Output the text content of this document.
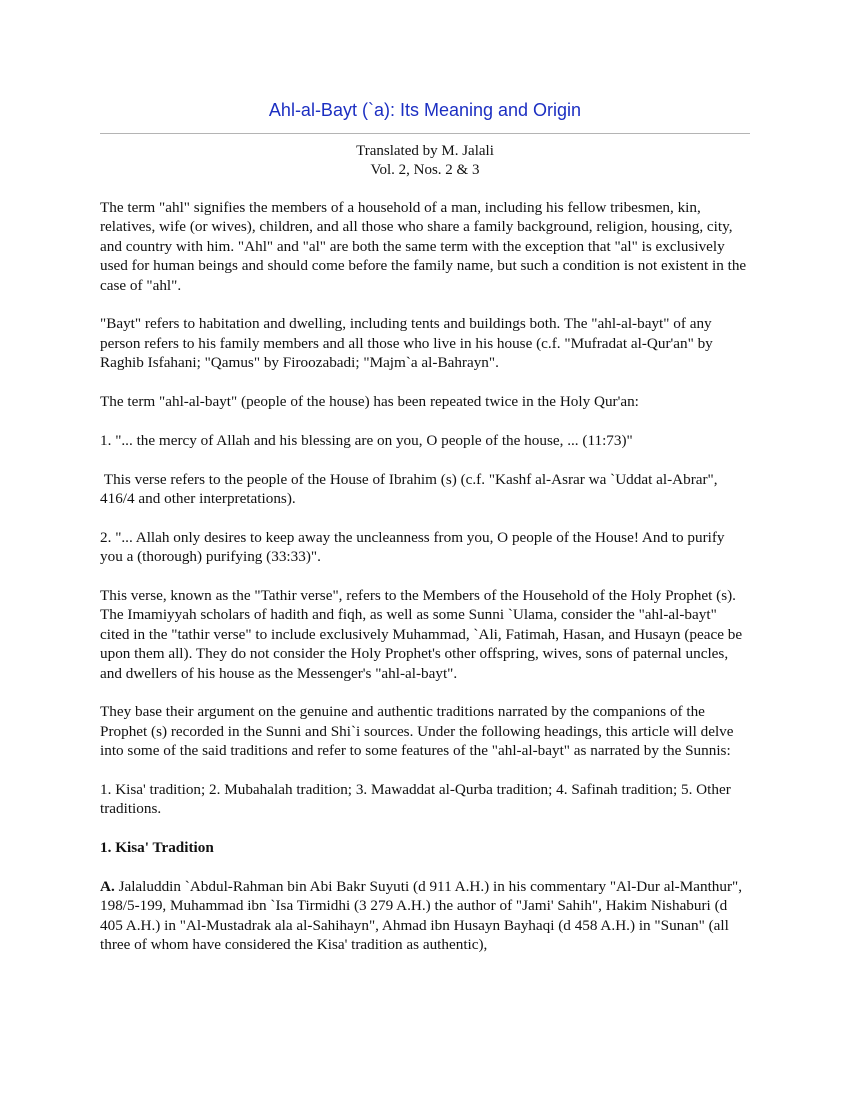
Ahl-al-Bayt (`a): Its Meaning and Origin
Translated by M. Jalali
Vol. 2, Nos. 2 & 3

The term "ahl" signifies the members of a household of a man, including his fellow tribesmen, kin, relatives, wife (or wives), children, and all those who share a family background, religion, housing, city, and country with him. "Ahl" and "al" are both the same term with the exception that "al" is exclusively used for human beings and should come before the family name, but such a condition is not existent in the case of "ahl".

"Bayt" refers to habitation and dwelling, including tents and buildings both. The "ahl-al-bayt" of any person refers to his family members and all those who live in his house (c.f. "Mufradat al-Qur'an" by Raghib Isfahani; "Qamus" by Firoozabadi; "Majm`a al-Bahrayn".

The term "ahl-al-bayt" (people of the house) has been repeated twice in the Holy Qur'an:

1. "... the mercy of Allah and his blessing are on you, O people of the house, ... (11:73)"

This verse refers to the people of the House of Ibrahim (s) (c.f. "Kashf al-Asrar wa `Uddat al-Abrar", 416/4 and other interpretations).

2. "... Allah only desires to keep away the uncleanness from you, O people of the House! And to purify you a (thorough) purifying (33:33)".

This verse, known as the "Tathir verse", refers to the Members of the Household of the Holy Prophet (s). The Imamiyyah scholars of hadith and fiqh, as well as some Sunni `Ulama, consider the "ahl-al-bayt" cited in the "tathir verse" to include exclusively Muhammad, `Ali, Fatimah, Hasan, and Husayn (peace be upon them all). They do not consider the Holy Prophet's other offspring, wives, sons of paternal uncles, and dwellers of his house as the Messenger's "ahl-al-bayt".

They base their argument on the genuine and authentic traditions narrated by the companions of the Prophet (s) recorded in the Sunni and Shi`i sources. Under the following headings, this article will delve into some of the said traditions and refer to some features of the "ahl-al-bayt" as narrated by the Sunnis:

1. Kisa' tradition; 2. Mubahalah tradition; 3. Mawaddat al-Qurba tradition; 4. Safinah tradition; 5. Other traditions.

1. Kisa' Tradition

A. Jalaluddin `Abdul-Rahman bin Abi Bakr Suyuti (d 911 A.H.) in his commentary "Al-Dur al-Manthur", 198/5-199, Muhammad ibn `Isa Tirmidhi (3 279 A.H.) the author of "Jami' Sahih", Hakim Nishaburi (d 405 A.H.) in "Al-Mustadrak ala al-Sahihayn", Ahmad ibn Husayn Bayhaqi (d 458 A.H.) in "Sunan" (all three of whom have considered the Kisa' tradition as authentic),
